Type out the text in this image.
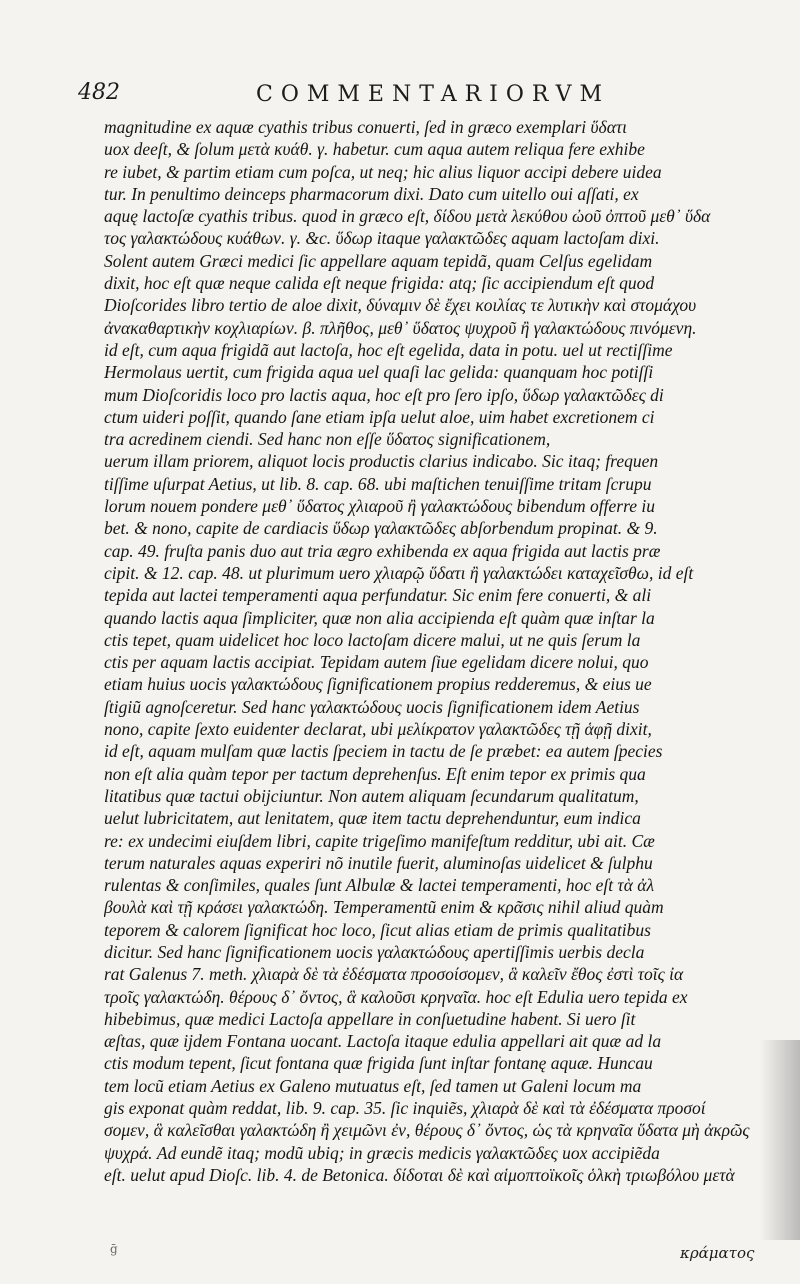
482	COMMENTARIORVM
magnitudine ex aquæ cyathis tribus conuerti, ſed in græco exemplari ὕδατι
uox deeſt, & ſolum μετὰ κυάθ. γ. habetur. cum aqua autem reliqua fere exhibe
re iubet, & partim etiam cum poſca, ut neq; hic alius liquor accipi debere uidea
tur. In penultimo deinceps pharmacorum dixi. Dato cum uitello oui aſſati, ex
aquę lactoſæ cyathis tribus. quod in græco eſt, δίδου μετὰ λεκύθου ὠοῦ ὀπτοῦ μεθ᾽ ὕδα
τος γαλακτώδους κυάθων. γ. &c. ὕδωρ itaque γαλακτῶδες aquam lactoſam dixi.
Solent autem Græci medici ſic appellare aquam tepidã, quam Celſus egelidam
dixit, hoc eſt quæ neque calida eſt neque frigida: atq; ſic accipiendum eſt quod
Dioſcorides libro tertio de aloe dixit, δύναμιν δὲ ἔχει κοιλίας τε λυτικὴν καὶ στομάχου
ἀνακαθαρτικὴν κοχλιαρίων. β. πλῆθος, μεθ᾽ ὕδατος ψυχροῦ ἢ γαλακτώδους πινόμενη.
id eſt, cum aqua frigidã aut lactoſa, hoc eſt egelida, data in potu. uel ut rectiſſime
Hermolaus uertit, cum frigida aqua uel quaſi lac gelida: quanquam hoc potiſſi
mum Dioſcoridis loco pro lactis aqua, hoc eſt pro ſero ipſo, ὕδωρ γαλακτῶδες di
ctum uideri poſſit, quando ſane etiam ipſa uelut aloe, uim habet excretionem ci
tra acredinem ciendi. Sed hanc non eſſe ὕδατος significationem,
uerum illam priorem, aliquot locis productis clarius indicabo. Sic itaq; frequen
tiſſime uſurpat Aetius, ut lib. 8. cap. 68. ubi maſtichen tenuiſſime tritam ſcrupu
lorum nouem pondere μεθ᾽ ὕδατος χλιαροῦ ἢ γαλακτώδους bibendum offerre iu
bet. & nono, capite de cardiacis ὕδωρ γαλακτῶδες abſorbendum propinat. & 9.
cap. 49. fruſta panis duo aut tria ægro exhibenda ex aqua frigida aut lactis præ
cipit. & 12. cap. 48. ut plurimum uero χλιαρῷ ὕδατι ἢ γαλακτώδει καταχεῖσθω, id eſt
tepida aut lactei temperamenti aqua perfundatur. Sic enim fere conuerti, & ali
quando lactis aqua ſimpliciter, quæ non alia accipienda eſt quàm quæ inſtar la
ctis tepet, quam uidelicet hoc loco lactoſam dicere malui, ut ne quis ſerum la
ctis per aquam lactis accipiat. Tepidam autem ſiue egelidam dicere nolui, quo
etiam huius uocis γαλακτώδους ſignificationem propius redderemus, & eius ue
ſtigiũ agnoſceretur. Sed hanc γαλακτώδους uocis ſignificationem idem Aetius
nono, capite ſexto euidenter declarat, ubi μελίκρατον γαλακτῶδες τῇ ἁφῇ dixit,
id eſt, aquam mulſam quæ lactis ſpeciem in tactu de ſe præbet: ea autem ſpecies
non eſt alia quàm tepor per tactum deprehenſus. Eſt enim tepor ex primis qua
litatibus quæ tactui obijciuntur. Non autem aliquam ſecundarum qualitatum,
uelut lubricitatem, aut lenitatem, quæ item tactu deprehenduntur, eum indica
re: ex undecimi eiuſdem libri, capite trigeſimo manifeſtum redditur, ubi ait. Cæ
terum naturales aquas experiri nõ inutile fuerit, aluminoſas uidelicet & ſulphu
rulentas & conſimiles, quales ſunt Albulæ & lactei temperamenti, hoc eſt τὰ ἀλ
βουλὰ καὶ τῇ κράσει γαλακτώδη. Temperamentũ enim & κρᾶσις nihil aliud quàm
teporem & calorem ſignificat hoc loco, ſicut alias etiam de primis qualitatibus
dicitur. Sed hanc ſignificationem uocis γαλακτώδους apertiſſimis uerbis decla
rat Galenus 7. meth. χλιαρὰ δὲ τὰ ἐδέσματα προσοίσομεν, ἃ καλεῖν ἔθος ἐστὶ τοῖς ἰα
τροῖς γαλακτώδη. θέρους δ᾽ ὄντος, ἃ καλοῦσι κρηναῖα. hoc eſt Edulia uero tepida ex
hibebimus, quæ medici Lactoſa appellare in conſuetudine habent. Si uero ſit
æſtas, quæ ijdem Fontana uocant. Lactoſa itaque edulia appellari ait quæ ad la
ctis modum tepent, ſicut fontana quæ frigida ſunt inſtar fontanę aquæ. Huncau
tem locũ etiam Aetius ex Galeno mutuatus eſt, ſed tamen ut Galeni locum ma
gis exponat quàm reddat, lib. 9. cap. 35. ſic inquiẽs, χλιαρὰ δὲ καὶ τὰ ἐδέσματα προσοί
σομεν, ἃ καλεῖσθαι γαλακτώδη ἢ χειμῶνι ἐν, θέρους δ᾽ ὄντος, ὡς τὰ κρηναῖα ὕδατα μὴ ἀκρῶς
ψυχρά. Ad eundẽ itaq; modũ ubiq; in græcis medicis γαλακτῶδες uox accipiẽda
eſt. uelut apud Dioſc. lib. 4. de Betonica. δίδοται δὲ καὶ αἱμοπτοϊκοῖς ὁλκὴ τριωβόλου μετὰ
ḡ	κράματος
